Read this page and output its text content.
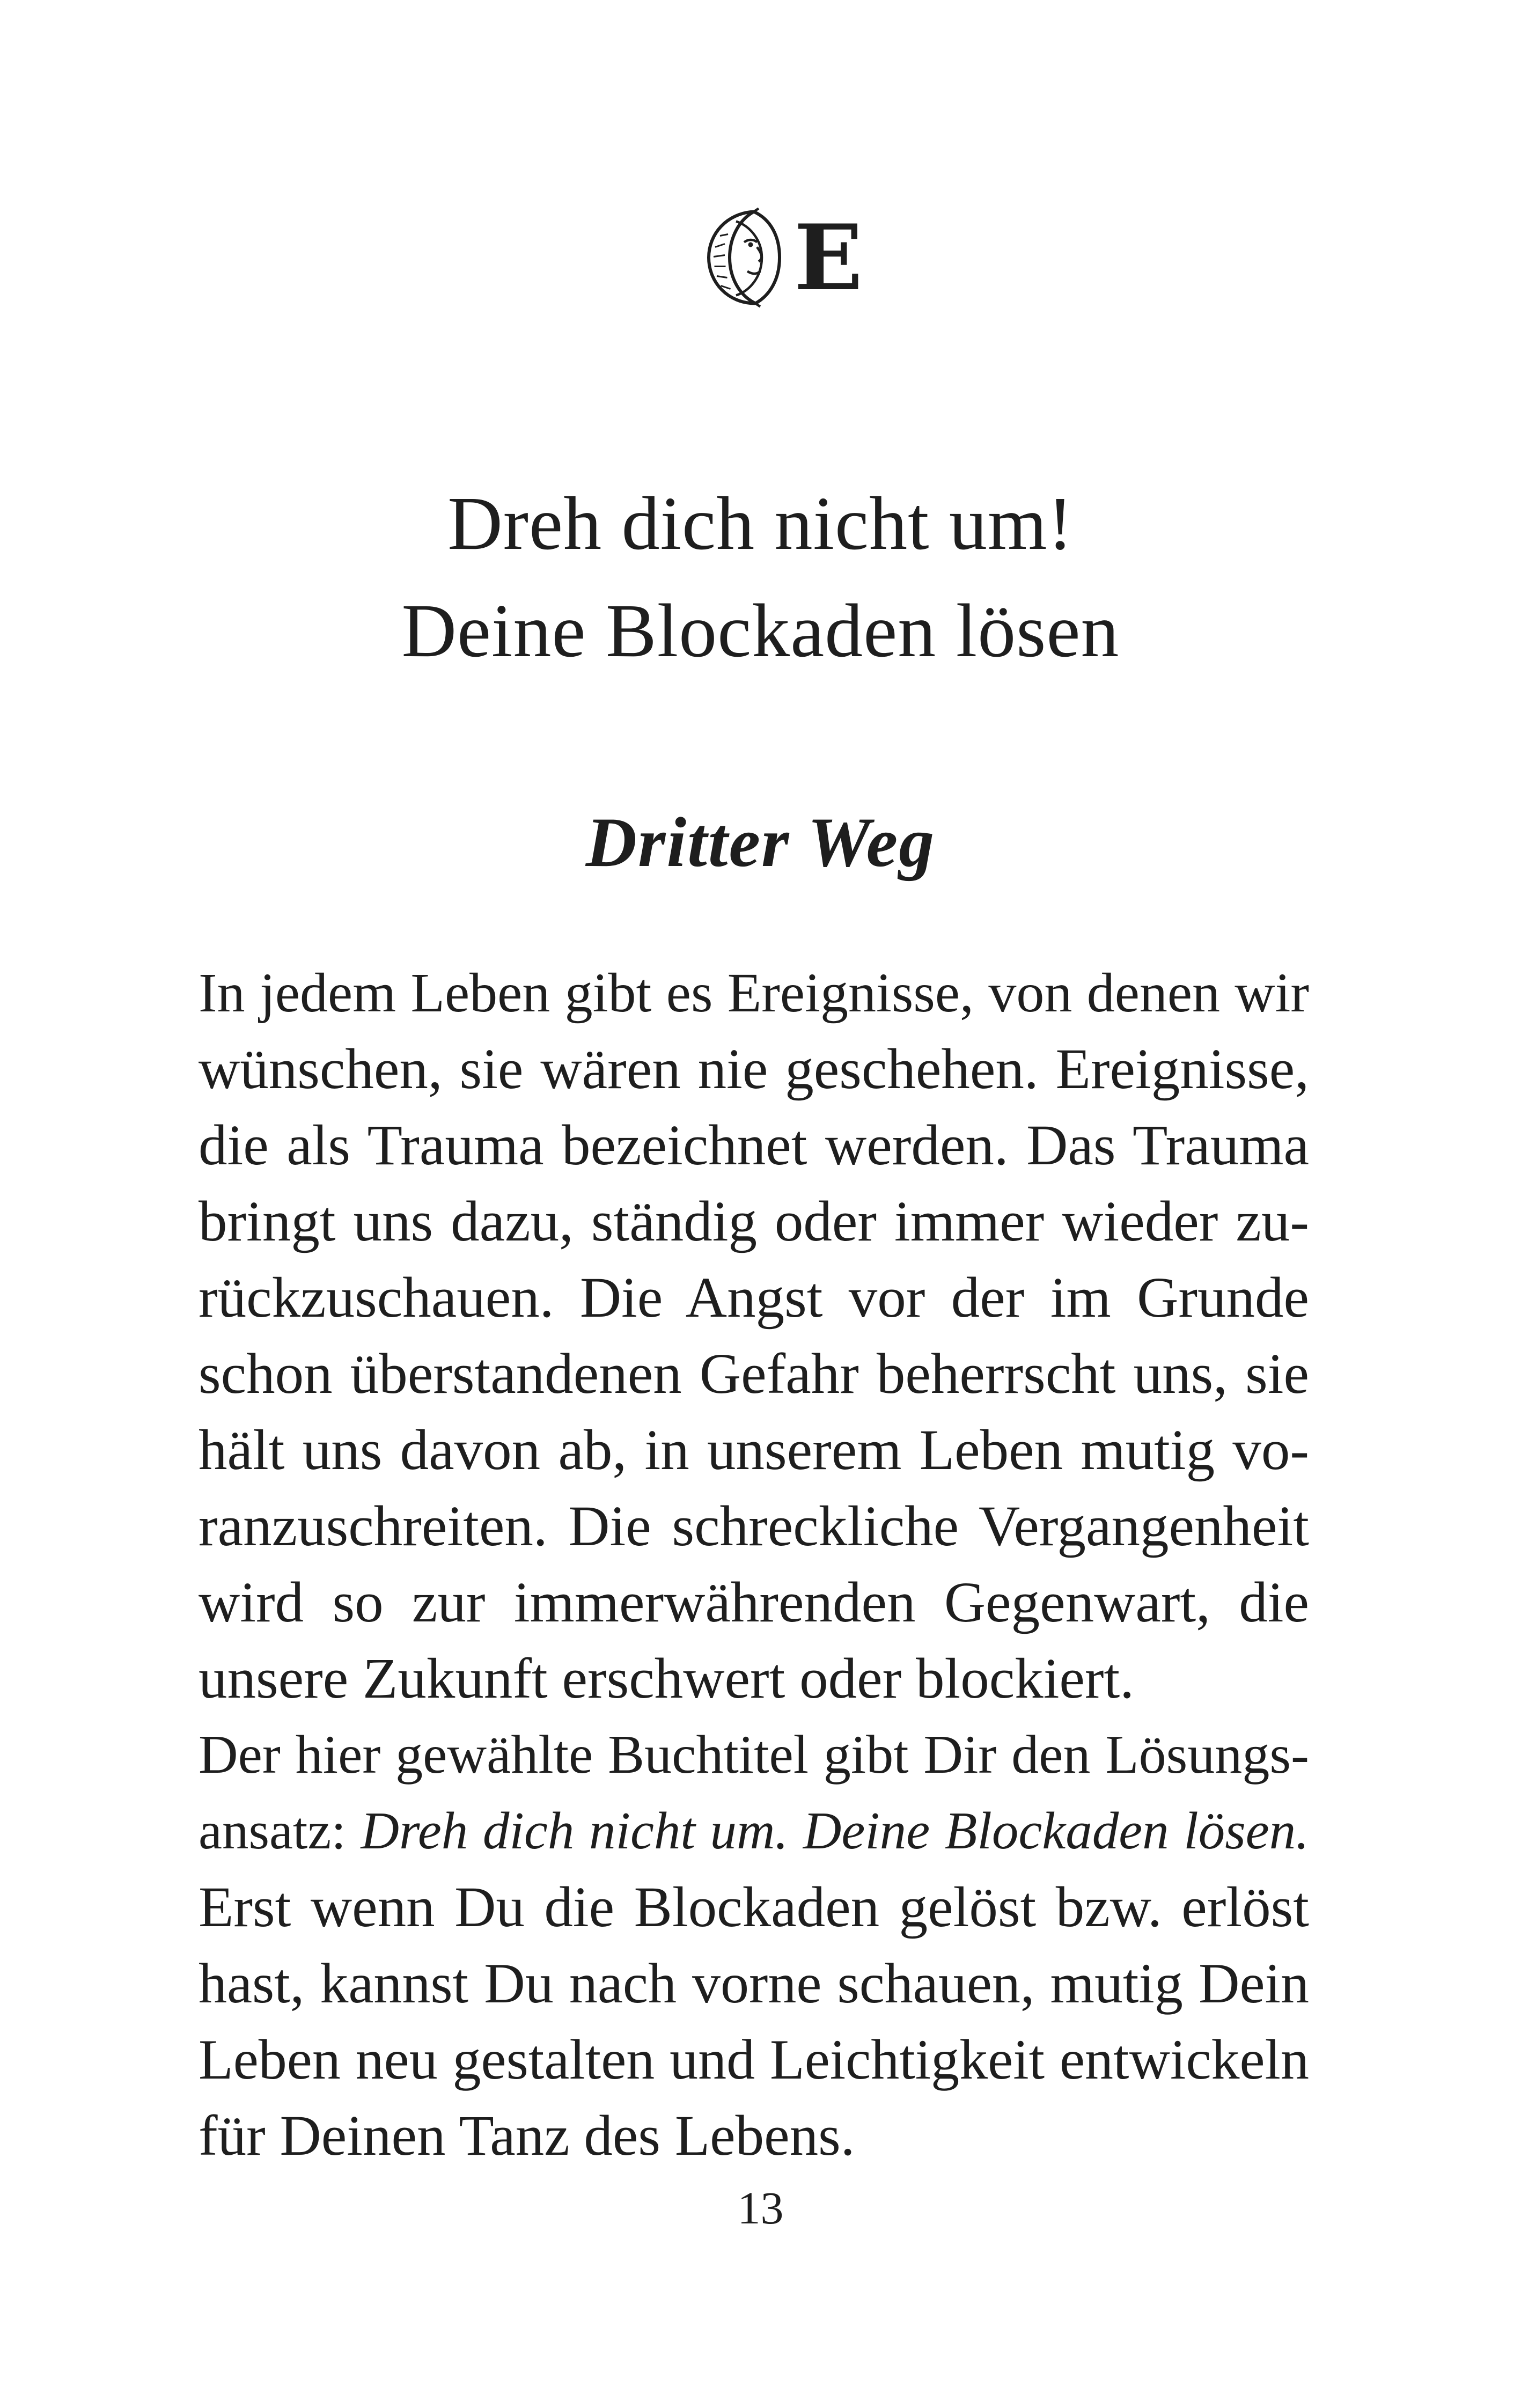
E
Dreh dich nicht um!
Deine Blockaden lösen
Dritter Weg
In jedem Leben gibt es Ereignisse, von denen wir
wünschen, sie wären nie geschehen. Ereignisse,
die als Trauma bezeichnet werden. Das Trauma
bringt uns dazu, ständig oder immer wieder zu-
rückzuschauen. Die Angst vor der im Grunde
schon überstandenen Gefahr beherrscht uns, sie
hält uns davon ab, in unserem Leben mutig vo-
ranzuschreiten. Die schreckliche Vergangenheit
wird so zur immerwährenden Gegenwart, die
unsere Zukunft erschwert oder blockiert.
Der hier gewählte Buchtitel gibt Dir den Lösungs-
ansatz: Dreh dich nicht um. Deine Blockaden lösen.
Erst wenn Du die Blockaden gelöst bzw. erlöst
hast, kannst Du nach vorne schauen, mutig Dein
Leben neu gestalten und Leichtigkeit entwickeln
für Deinen Tanz des Lebens.
13
